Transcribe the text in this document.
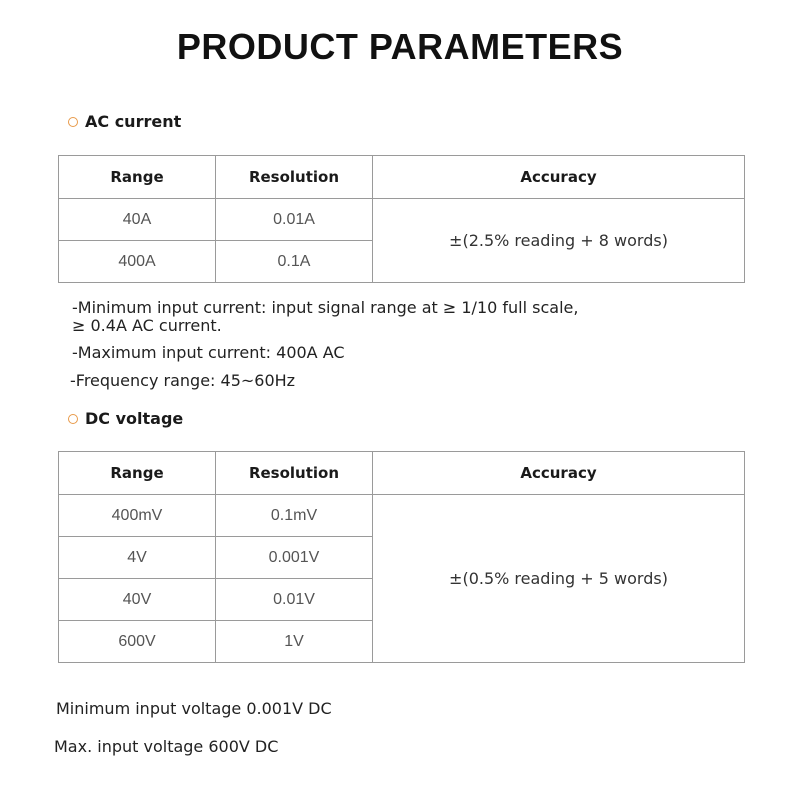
PRODUCT PARAMETERS
AC current
Range	Resolution	Accuracy
40A	0.01A	±(2.5% reading + 8 words)
400A	0.1A	
-Minimum input current: input signal range at ≥ 1/10 full scale,
≥ 0.4A AC current.
-Maximum input current: 400A AC
-Frequency range: 45~60Hz
DC voltage
Range	Resolution	Accuracy
400mV	0.1mV	±(0.5% reading + 5 words)
4V	0.001V	
40V	0.01V	
600V	1V	
Minimum input voltage 0.001V DC
Max. input voltage 600V DC
